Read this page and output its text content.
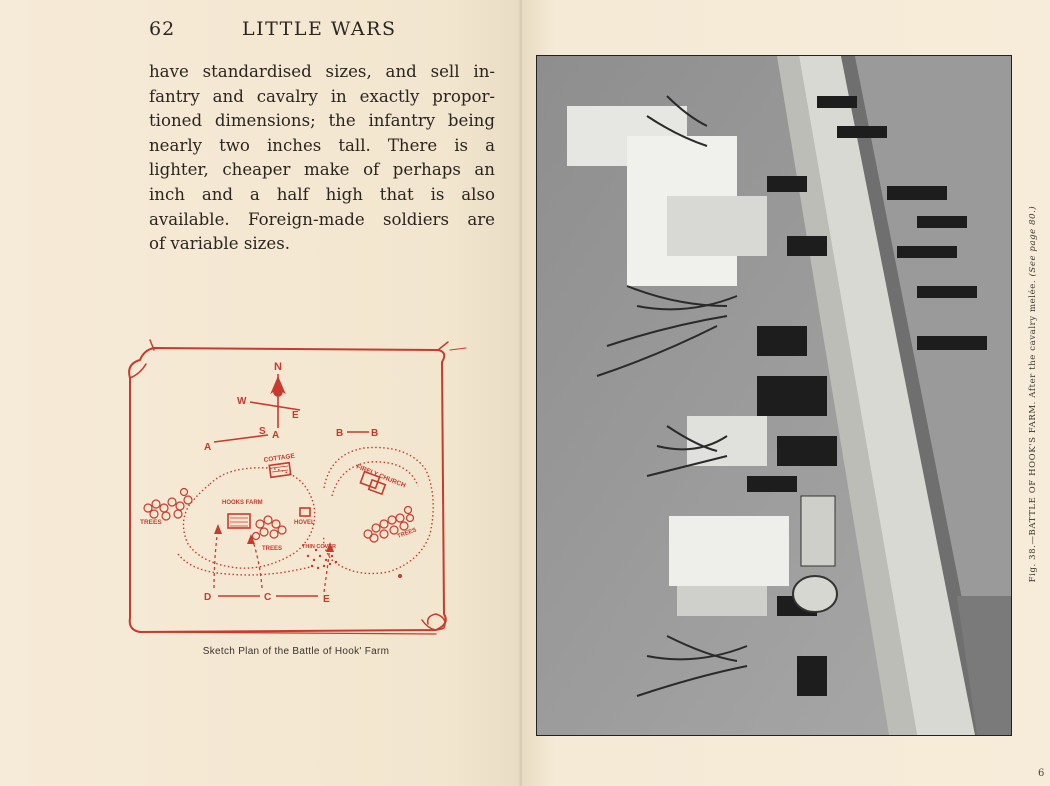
62	LITTLE WARS

have standardised sizes, and sell in-
fantry and cavalry in exactly propor-
tioned dimensions; the infantry being
nearly two inches tall. There is a
lighter, cheaper make of perhaps an
inch and a half high that is also
available. Foreign-made soldiers are
of variable sizes.

N
W
E
S
A
A	B	B
D	C	E
COTTAGE
FIRELY CHURCH
HOOKS FARM
HOVEL
TREES
TREES
TREES
THIN COVER
Sketch Plan of the Battle of Hook' Farm
Fig. 38.—BATTLE OF HOOK'S FARM. After the cavalry melée. (See page 80.)
6
